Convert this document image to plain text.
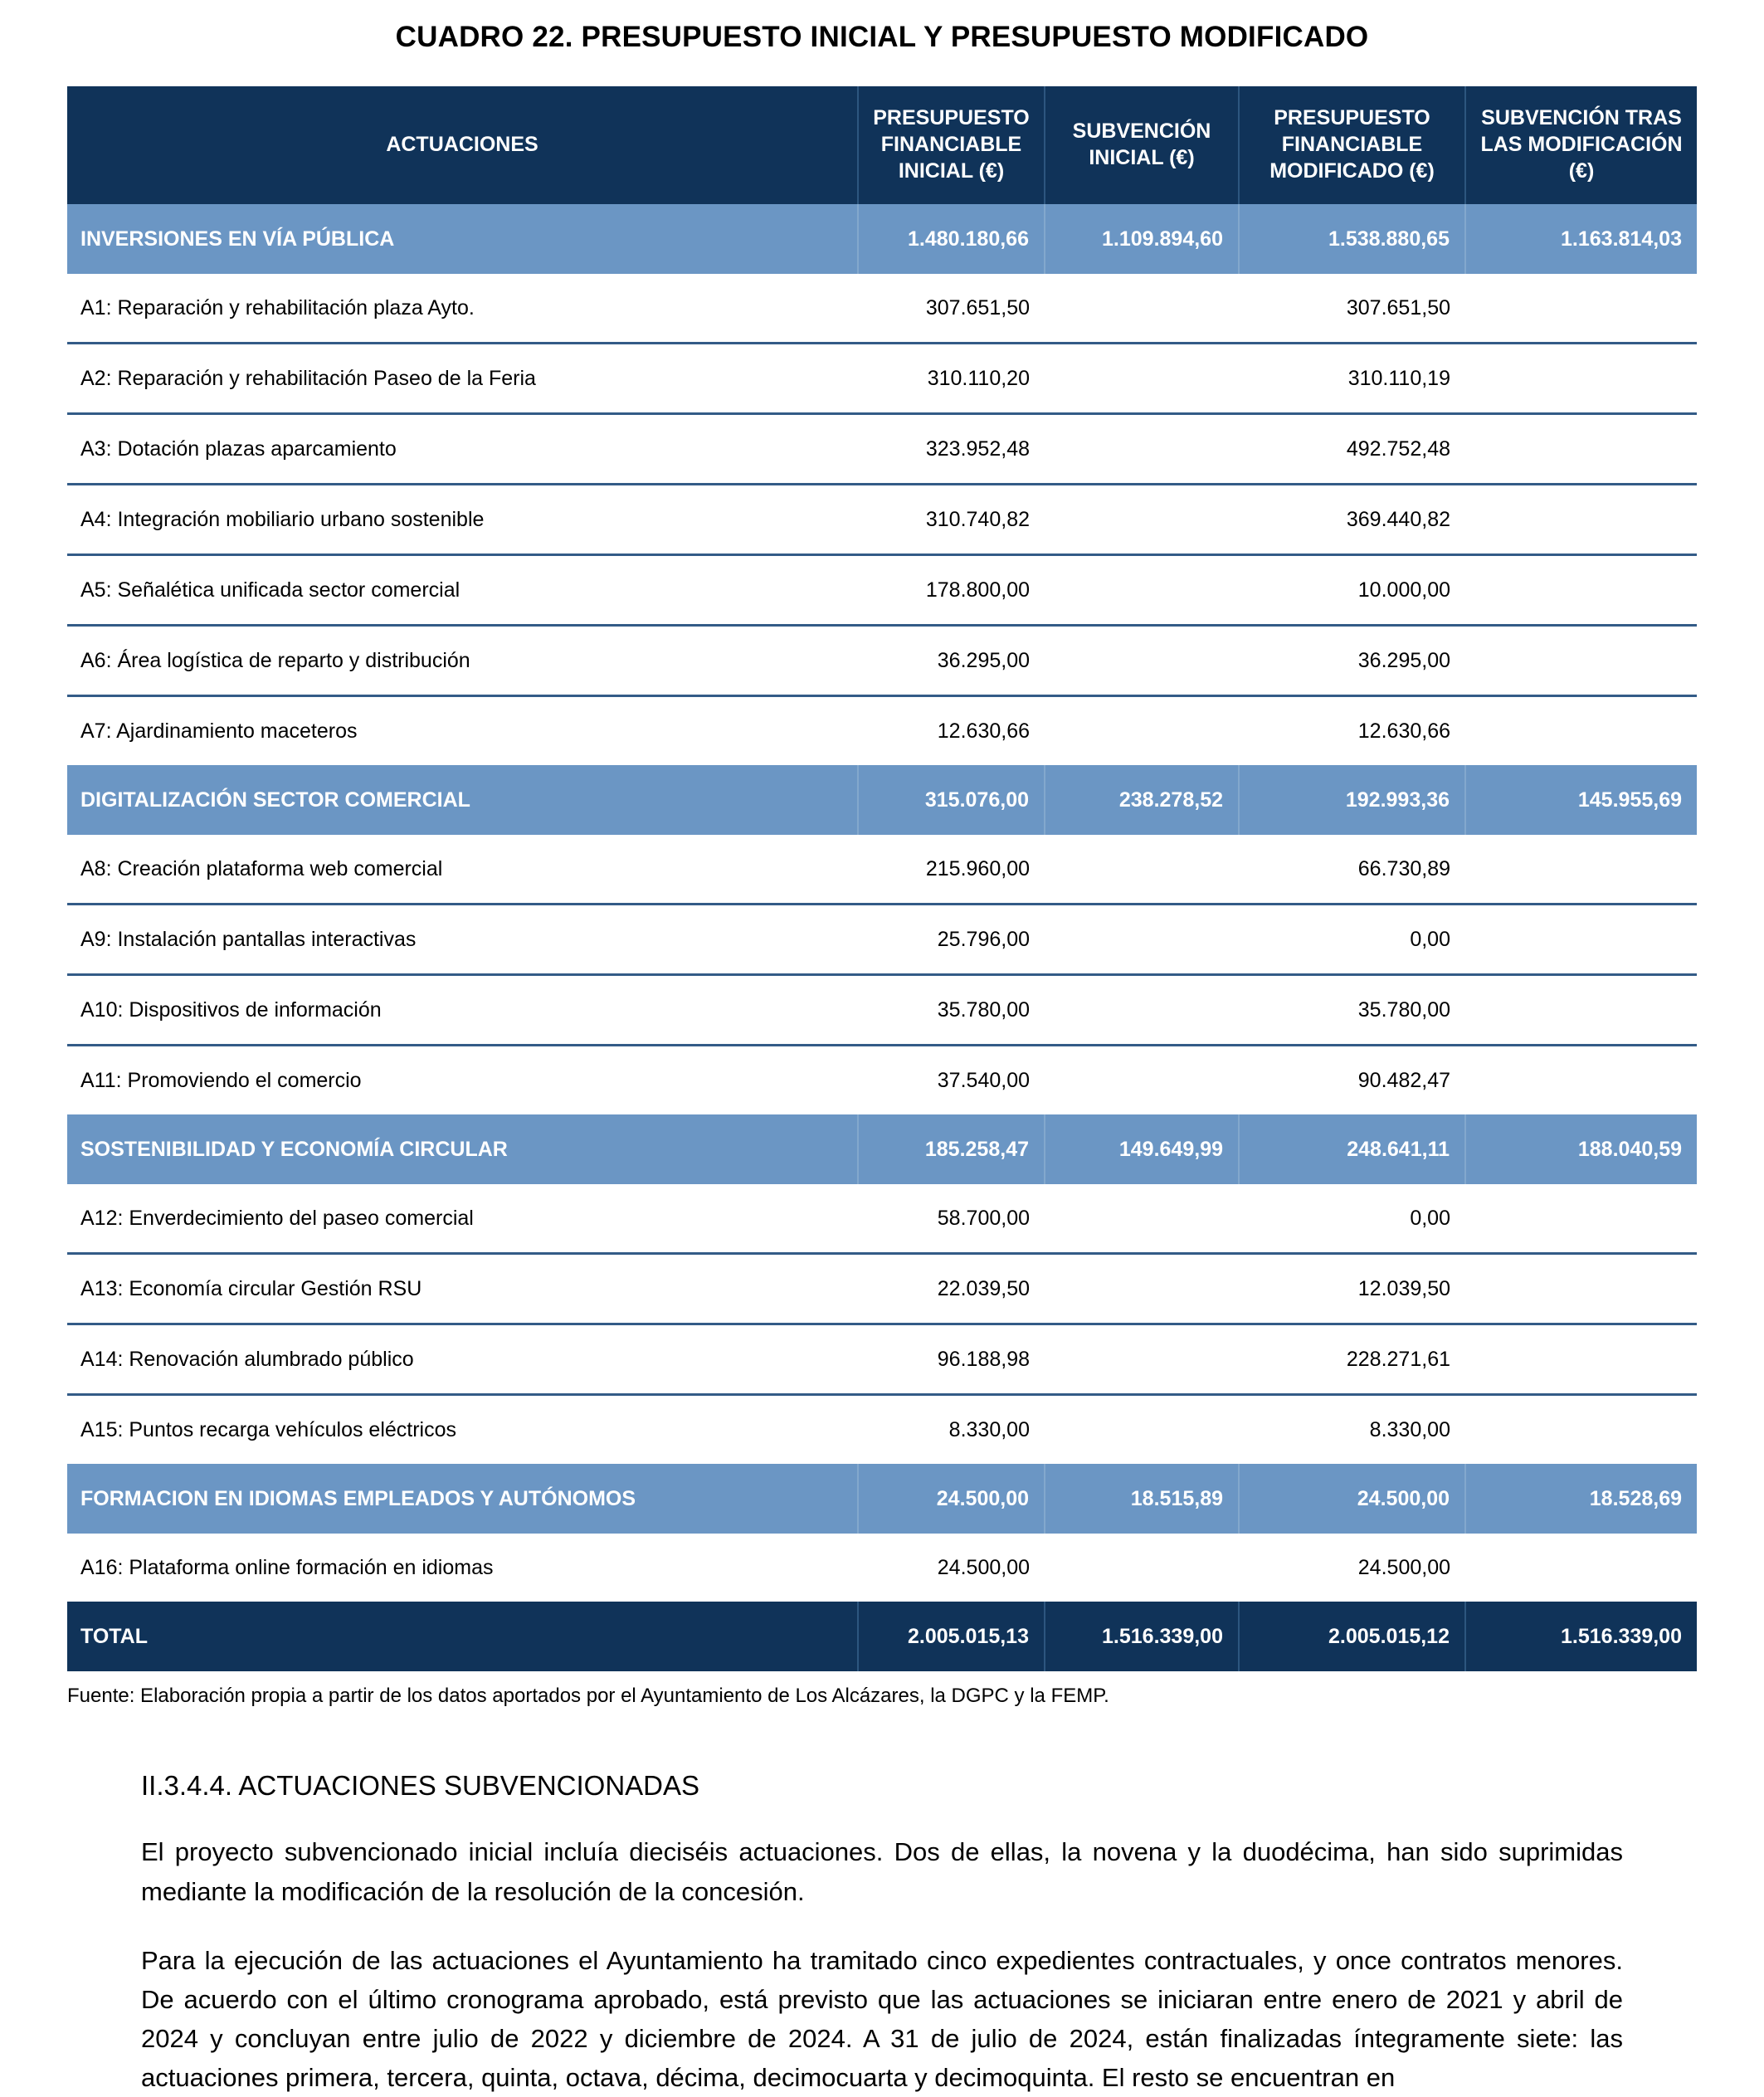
CUADRO 22. PRESUPUESTO INICIAL Y PRESUPUESTO MODIFICADO
ACTUACIONES	PRESUPUESTO FINANCIABLE INICIAL (€)	SUBVENCIÓN INICIAL (€)	PRESUPUESTO FINANCIABLE MODIFICADO (€)	SUBVENCIÓN TRAS LAS MODIFICACIÓN (€)
INVERSIONES EN VÍA PÚBLICA	1.480.180,66	1.109.894,60	1.538.880,65	1.163.814,03
A1: Reparación y rehabilitación plaza Ayto.	307.651,50		307.651,50	
A2: Reparación y rehabilitación Paseo de la Feria	310.110,20		310.110,19	
A3: Dotación plazas aparcamiento	323.952,48		492.752,48	
A4: Integración mobiliario urbano sostenible	310.740,82		369.440,82	
A5: Señalética unificada sector comercial	178.800,00		10.000,00	
A6: Área logística de reparto y distribución	36.295,00		36.295,00	
A7: Ajardinamiento maceteros	12.630,66		12.630,66	
DIGITALIZACIÓN SECTOR COMERCIAL	315.076,00	238.278,52	192.993,36	145.955,69
A8: Creación plataforma web comercial	215.960,00		66.730,89	
A9: Instalación pantallas interactivas	25.796,00		0,00	
A10: Dispositivos de información	35.780,00		35.780,00	
A11: Promoviendo el comercio	37.540,00		90.482,47	
SOSTENIBILIDAD Y ECONOMÍA CIRCULAR	185.258,47	149.649,99	248.641,11	188.040,59
A12: Enverdecimiento del paseo comercial	58.700,00		0,00	
A13: Economía circular Gestión RSU	22.039,50		12.039,50	
A14: Renovación alumbrado público	96.188,98		228.271,61	
A15: Puntos recarga vehículos eléctricos	8.330,00		8.330,00	
FORMACION EN IDIOMAS EMPLEADOS Y AUTÓNOMOS	24.500,00	18.515,89	24.500,00	18.528,69
A16: Plataforma online formación en idiomas	24.500,00		24.500,00	
TOTAL	2.005.015,13	1.516.339,00	2.005.015,12	1.516.339,00
Fuente: Elaboración propia a partir de los datos aportados por el Ayuntamiento de Los Alcázares, la DGPC y la FEMP.
II.3.4.4. ACTUACIONES SUBVENCIONADAS

El proyecto subvencionado inicial incluía dieciséis actuaciones. Dos de ellas, la novena y la duodécima, han sido suprimidas mediante la modificación de la resolución de la concesión.

Para la ejecución de las actuaciones el Ayuntamiento ha tramitado cinco expedientes contractuales, y once contratos menores. De acuerdo con el último cronograma aprobado, está previsto que las actuaciones se iniciaran entre enero de 2021 y abril de 2024 y concluyan entre julio de 2022 y diciembre de 2024. A 31 de julio de 2024, están finalizadas íntegramente siete: las actuaciones primera, tercera, quinta, octava, décima, decimocuarta y decimoquinta. El resto se encuentran en
